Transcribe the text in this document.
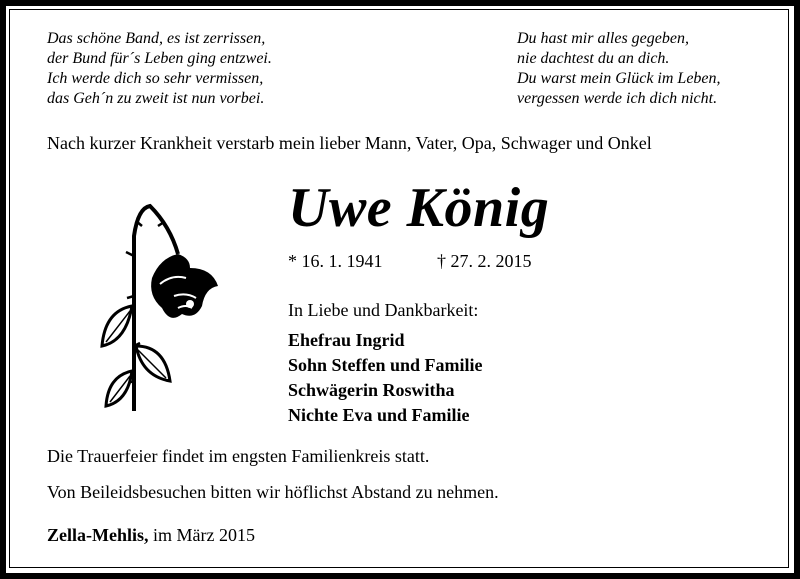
Das schöne Band, es ist zerrissen,
der Bund für´s Leben ging entzwei.
Ich werde dich so sehr vermissen,
das Geh´n zu zweit ist nun vorbei.
Du hast mir alles gegeben,
nie dachtest du an dich.
Du warst mein Glück im Leben,
vergessen werde ich dich nicht.
Nach kurzer Krankheit verstarb mein lieber Mann, Vater, Opa, Schwager und Onkel
Uwe König
* 16. 1. 1941	† 27. 2. 2015
In Liebe und Dankbarkeit:
Ehefrau Ingrid
Sohn Steffen und Familie
Schwägerin Roswitha
Nichte Eva und Familie
Die Trauerfeier findet im engsten Familienkreis statt.
Von Beileidsbesuchen bitten wir höflichst Abstand zu nehmen.
Zella-Mehlis, im März 2015
